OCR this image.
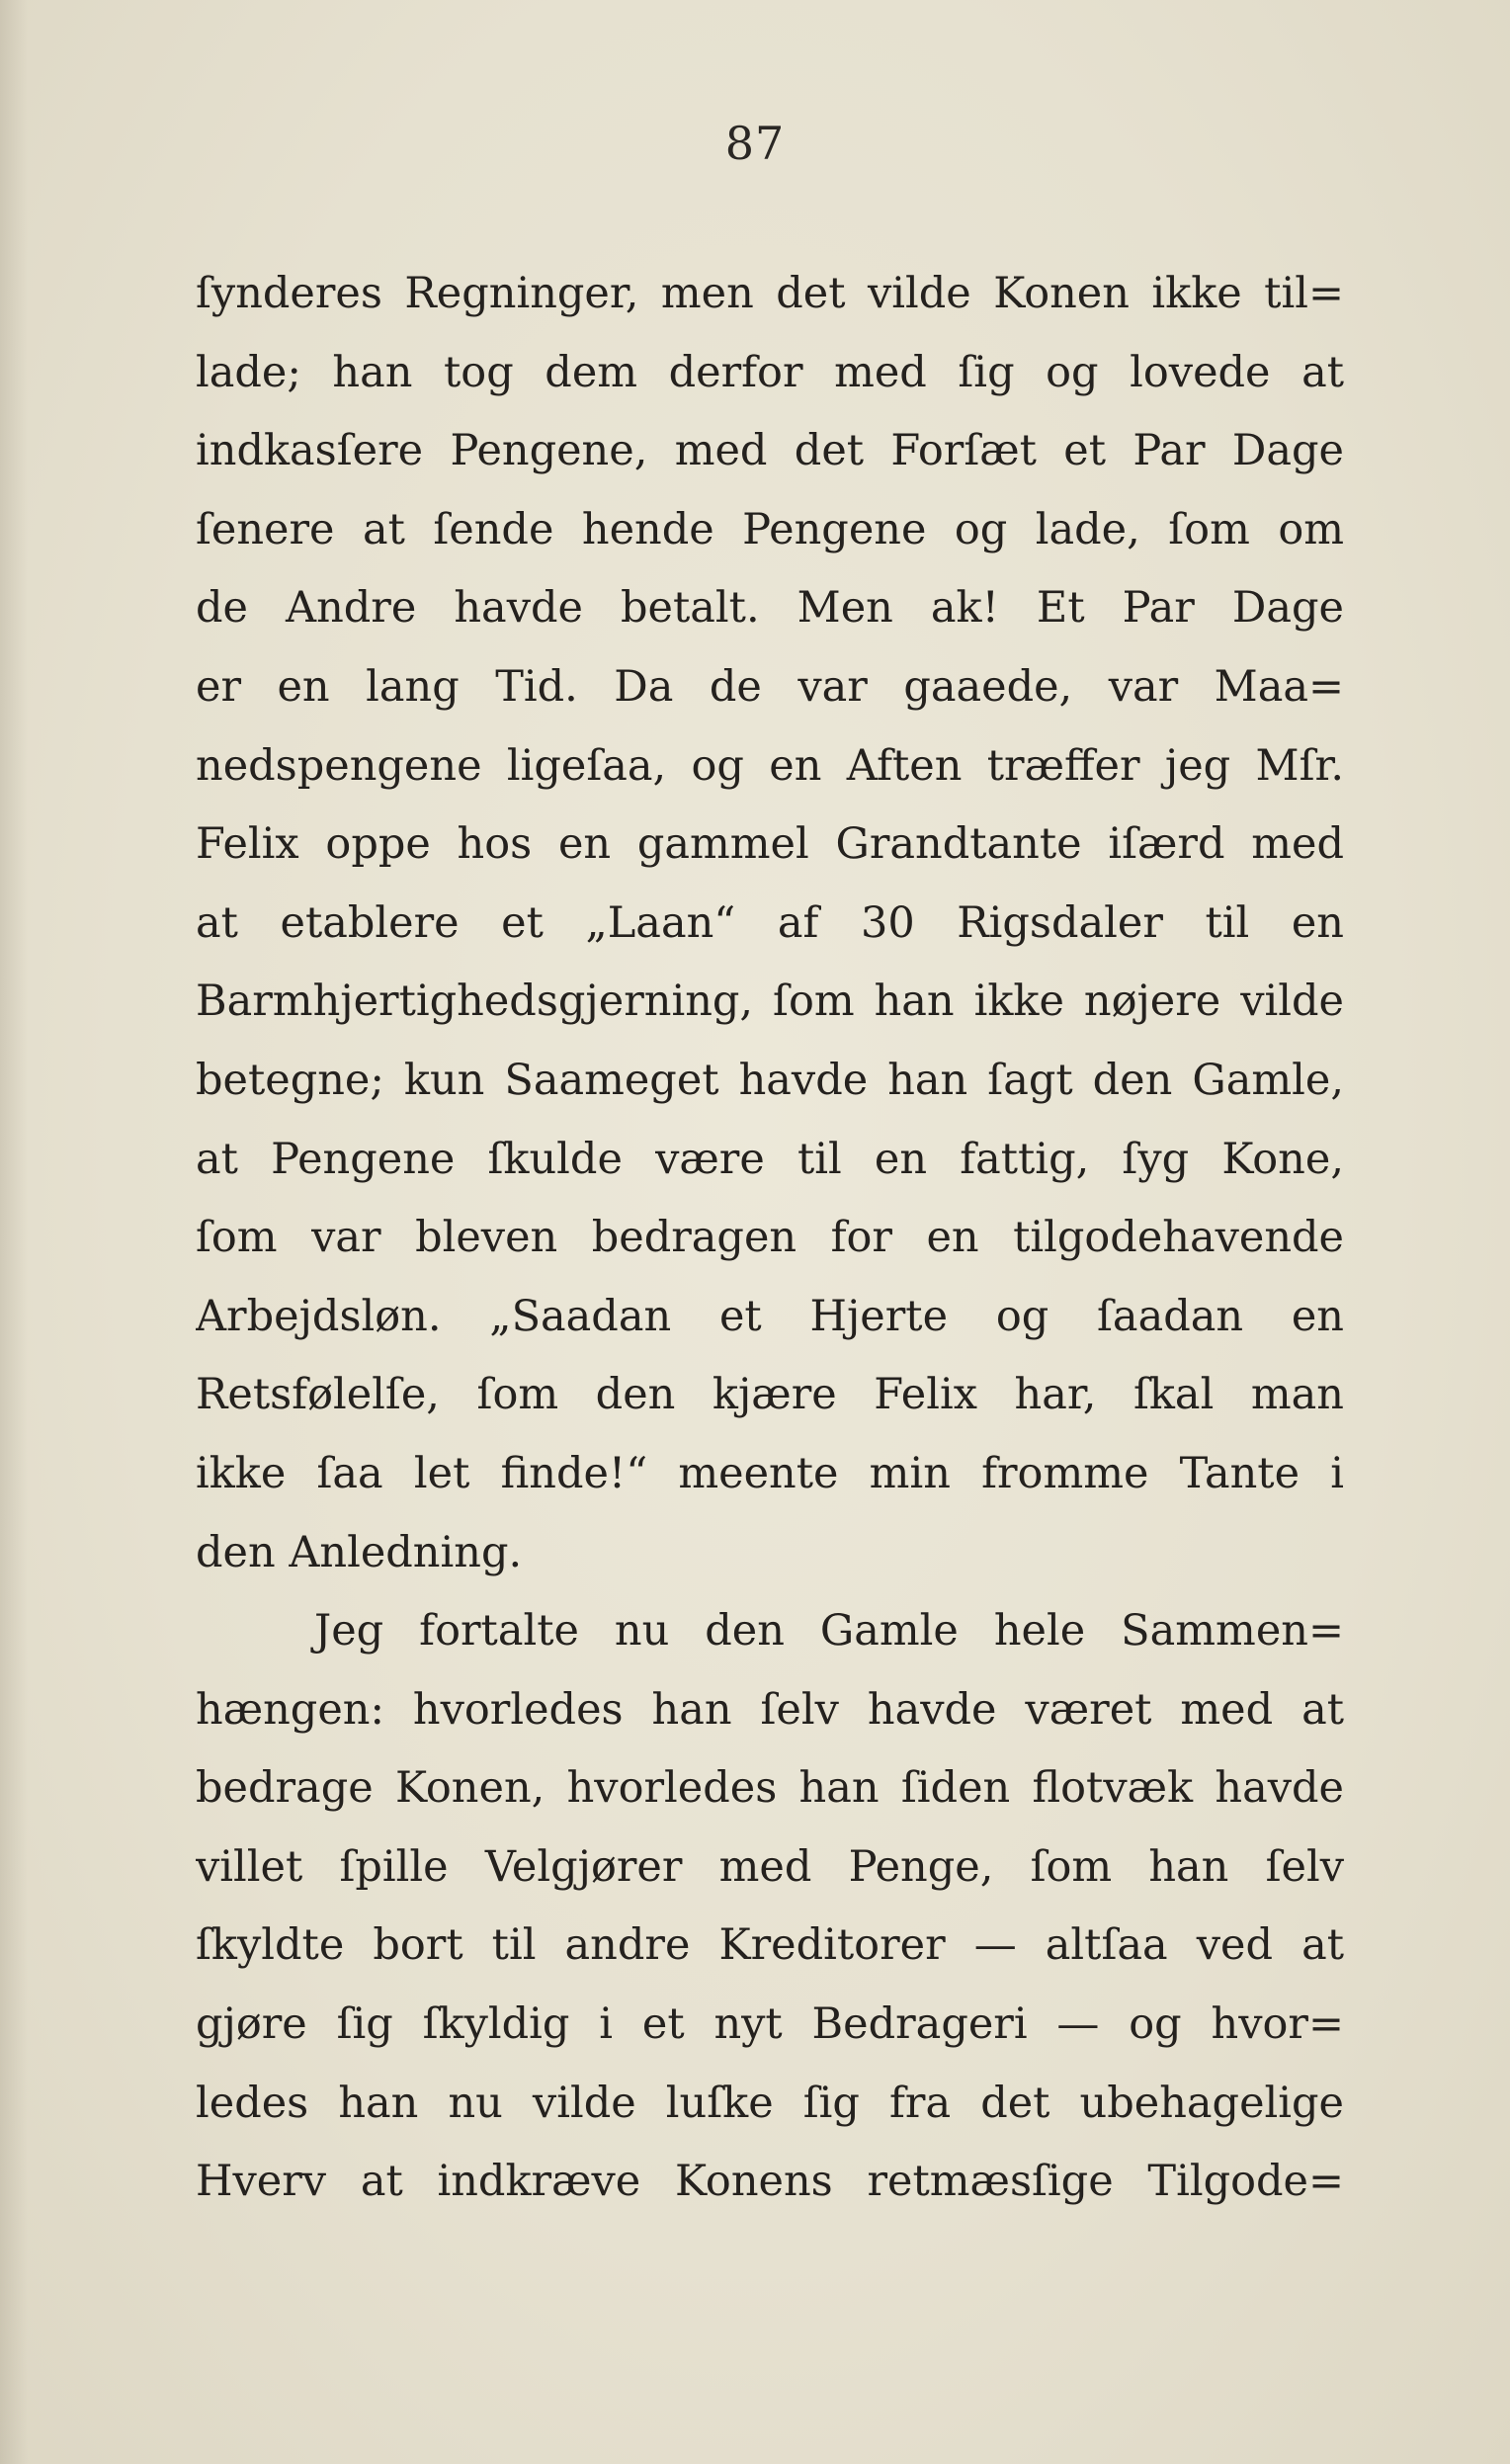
87
ſynderes Regninger, men det vilde Konen ikke til=
lade; han tog dem derfor med ſig og lovede at
indkasſere Pengene, med det Forſæt et Par Dage
ſenere at ſende hende Pengene og lade, ſom om
de Andre havde betalt. Men ak! Et Par Dage
er en lang Tid. Da de var gaaede, var Maa=
nedspengene ligeſaa, og en Aften træffer jeg Mſr.
Felix oppe hos en gammel Grandtante iſærd med
at etablere et „Laan“ af 30 Rigsdaler til en
Barmhjertighedsgjerning, ſom han ikke nøjere vilde
betegne; kun Saameget havde han ſagt den Gamle,
at Pengene ſkulde være til en fattig, ſyg Kone,
ſom var bleven bedragen for en tilgodehavende
Arbejdsløn. „Saadan et Hjerte og ſaadan en
Retsfølelſe, ſom den kjære Felix har, ſkal man
ikke ſaa let finde!“ meente min fromme Tante i
den Anledning.
Jeg fortalte nu den Gamle hele Sammen=
hængen: hvorledes han ſelv havde været med at
bedrage Konen, hvorledes han ſiden flotvæk havde
villet ſpille Velgjører med Penge, ſom han ſelv
ſkyldte bort til andre Kreditorer — altſaa ved at
gjøre ſig ſkyldig i et nyt Bedrageri — og hvor=
ledes han nu vilde luſke ſig fra det ubehagelige
Hverv at indkræve Konens retmæsſige Tilgode=
